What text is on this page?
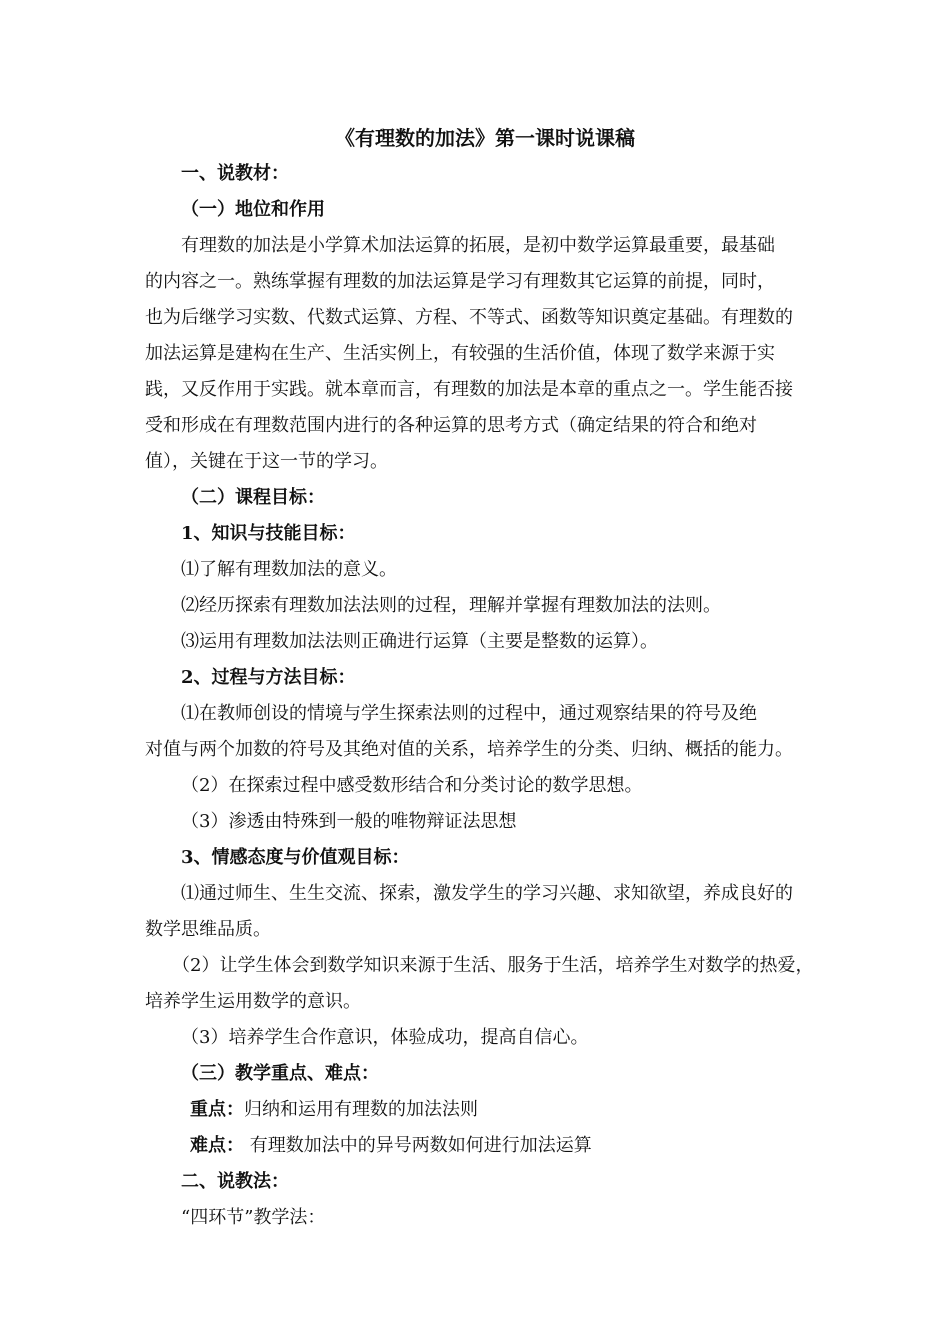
《有理数的加法》第一课时说课稿
一、说教材：
（一）地位和作用
有理数的加法是小学算术加法运算的拓展，是初中数学运算最重要，最基础
的内容之一。熟练掌握有理数的加法运算是学习有理数其它运算的前提，同时，
也为后继学习实数、代数式运算、方程、不等式、函数等知识奠定基础。有理数的
加法运算是建构在生产、生活实例上，有较强的生活价值，体现了数学来源于实
践，又反作用于实践。就本章而言，有理数的加法是本章的重点之一。学生能否接
受和形成在有理数范围内进行的各种运算的思考方式（确定结果的符合和绝对
值），关键在于这一节的学习。
（二）课程目标：
1、知识与技能目标：
⑴了解有理数加法的意义。
⑵经历探索有理数加法法则的过程，理解并掌握有理数加法的法则。
⑶运用有理数加法法则正确进行运算（主要是整数的运算）。
2、过程与方法目标：
⑴在教师创设的情境与学生探索法则的过程中，通过观察结果的符号及绝
对值与两个加数的符号及其绝对值的关系，培养学生的分类、归纳、概括的能力。
（2）在探索过程中感受数形结合和分类讨论的数学思想。
（3）渗透由特殊到一般的唯物辩证法思想
3、情感态度与价值观目标：
⑴通过师生、生生交流、探索，激发学生的学习兴趣、求知欲望，养成良好的
数学思维品质。
（2）让学生体会到数学知识来源于生活、服务于生活，培养学生对数学的热爱，
培养学生运用数学的意识。
（3）培养学生合作意识，体验成功，提高自信心。
（三）教学重点、难点：
重点：归纳和运用有理数的加法法则
难点： 有理数加法中的异号两数如何进行加法运算
二、说教法：
“四环节”教学法：
